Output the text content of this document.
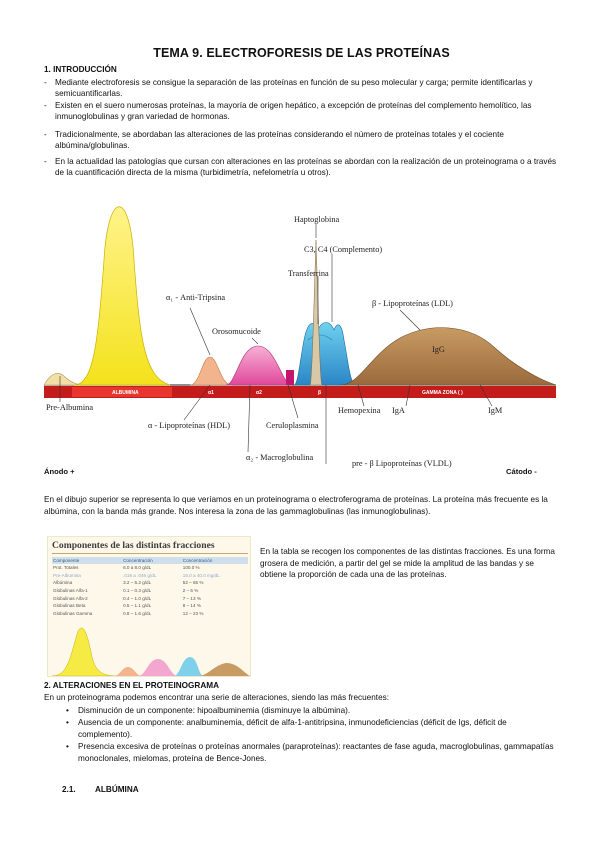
TEMA 9. ELECTROFORESIS DE LAS PROTEÍNAS
1. INTRODUCCIÓN
-	Mediante electroforesis se consigue la separación de las proteínas en función de su peso molecular y carga; permite identificarlas y semicuantificarlas.
-	Existen en el suero numerosas proteínas, la mayoría de origen hepático, a excepción de proteínas del complemento hemolítico, las inmunoglobulinas y gran variedad de hormonas.
-	Tradicionalmente, se abordaban las alteraciones de las proteínas considerando el número de proteínas totales y el cociente albúmina/globulinas.
-	En la actualidad las patologías que cursan con alteraciones en las proteínas se abordan con la realización de un proteinograma o a través de la cuantificación directa de la misma (turbidimetría, nefelometría u otros).
ALBUMINA	α1	α2	β	GAMMA ZONA ( )
Haptoglobina
C3, C4 (Complemento)
Transferrina
α₁ - Anti-Tripsina
Orosomucoide
β - Lipoproteínas (LDL)
IgG
Pre-Albumina
α - Lipoproteínas (HDL)	Ceruloplasmina
Hemopexina IgA	IgM
α₂ - Macroglobulina
pre - β Lipoproteínas (VLDL)
Ánodo +	Cátodo -
En el dibujo superior se representa lo que veríamos en un proteinograma o electroferograma de proteínas. La proteína más frecuente es la albúmina, con la banda más grande. Nos interesa la zona de las gammaglobulinas (las inmunoglobulinas).
Componentes de las distintas fracciones
Componente	Concentración	Concentración
Prot. Totales	6.0 a 8.0 g/dL	100.0 %
Pre-Albumina	.016 a .046 g/dL	16.0 a 40.0 mg/dL
Albúmina	3.2 – 5.2 g/dL	52 – 65 %
Globulinas Alfa-1	0.1 – 0.3 g/dL	2 – 5 %
Globulinas Alfa-2	0.4 – 1.0 g/dL	7 – 13 %
Globulinas Beta	0.5 – 1.1 g/dL	8 – 14 %
Globulinas Gamma	0.8 – 1.6 g/dL	12 – 23 %
En la tabla se recogen los componentes de las distintas fracciones. Es una forma grosera de medición, a partir del gel se mide la amplitud de las bandas y se obtiene la proporción de cada una de las proteínas.
2. ALTERACIONES EN EL PROTEINOGRAMA
En un proteinograma podemos encontrar una serie de alteraciones, siendo las más frecuentes:
•	Disminución de un componente: hipoalbuminemia (disminuye la albúmina).
•	Ausencia de un componente: analbuminemia, déficit de alfa-1-antitripsina, inmunodeficiencias (déficit de Igs, déficit de complemento).
•	Presencia excesiva de proteínas o proteínas anormales (paraproteínas): reactantes de fase aguda, macroglobulinas, gammapatías monoclonales, mielomas, proteína de Bence-Jones.
2.1. ALBÚMINA
